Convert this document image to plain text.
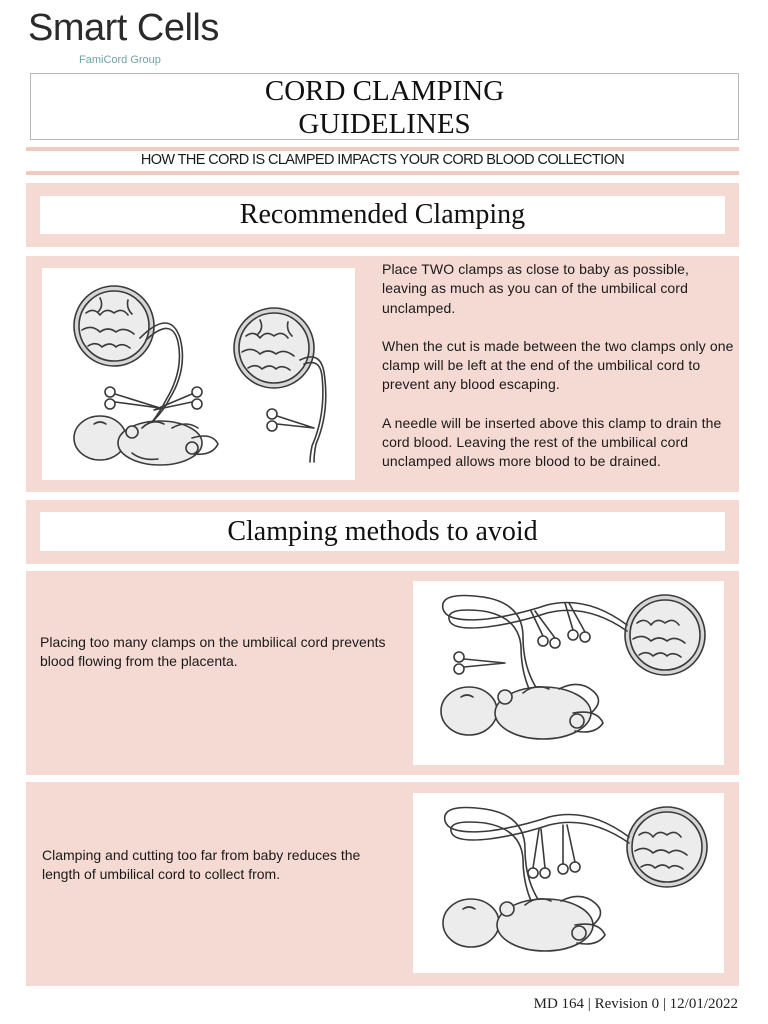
Smart Cells
FamiCord Group
CORD CLAMPING
GUIDELINES
HOW THE CORD IS CLAMPED IMPACTS YOUR CORD BLOOD COLLECTION
Recommended Clamping

Place TWO clamps as close to baby as possible, leaving as much as you can of the umbilical cord unclamped.

When the cut is made between the two clamps only one clamp will be left at the end of the umbilical cord to prevent any blood escaping.

A needle will be inserted above this clamp to drain the cord blood. Leaving the rest of the umbilical cord unclamped allows more blood to be drained.

Clamping methods to avoid
Placing too many clamps on the umbilical cord prevents blood flowing from the placenta.
Clamping and cutting too far from baby reduces the length of umbilical cord to collect from.
MD 164 | Revision 0 | 12/01/2022
